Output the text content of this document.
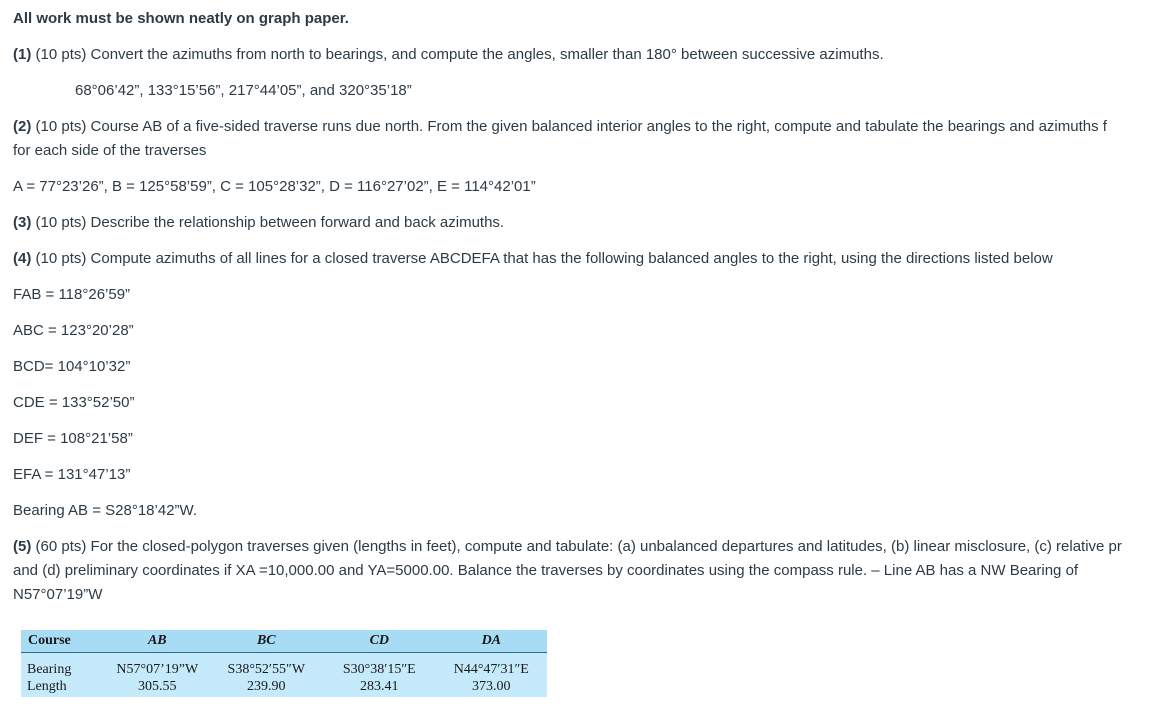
All work must be shown neatly on graph paper.
(1) (10 pts) Convert the azimuths from north to bearings, and compute the angles, smaller than 180° between successive azimuths.
68°06’42”, 133°15’56”, 217°44’05”, and 320°35’18”
(2) (10 pts) Course AB of a five-sided traverse runs due north. From the given balanced interior angles to the right, compute and tabulate the bearings and azimuths f
for each side of the traverses
A = 77°23’26”, B = 125°58’59”, C = 105°28’32”, D = 116°27’02”, E = 114°42’01”
(3) (10 pts) Describe the relationship between forward and back azimuths.
(4) (10 pts) Compute azimuths of all lines for a closed traverse ABCDEFA that has the following balanced angles to the right, using the directions listed below
FAB = 118°26’59”
ABC = 123°20’28”
BCD= 104°10’32”
CDE = 133°52’50”
DEF = 108°21’58”
EFA = 131°47’13”
Bearing AB = S28°18’42”W.
(5) (60 pts) For the closed-polygon traverses given (lengths in feet), compute and tabulate: (a) unbalanced departures and latitudes, (b) linear misclosure, (c) relative pr
and (d) preliminary coordinates if XA =10,000.00 and YA=5000.00. Balance the traverses by coordinates using the compass rule. – Line AB has a NW Bearing of
N57°07’19”W
Course	AB	BC	CD	DA
Bearing	N57°07’19”W	S38°52′55″W	S30°38′15″E	N44°47′31″E
Length	305.55	239.90	283.41	373.00
